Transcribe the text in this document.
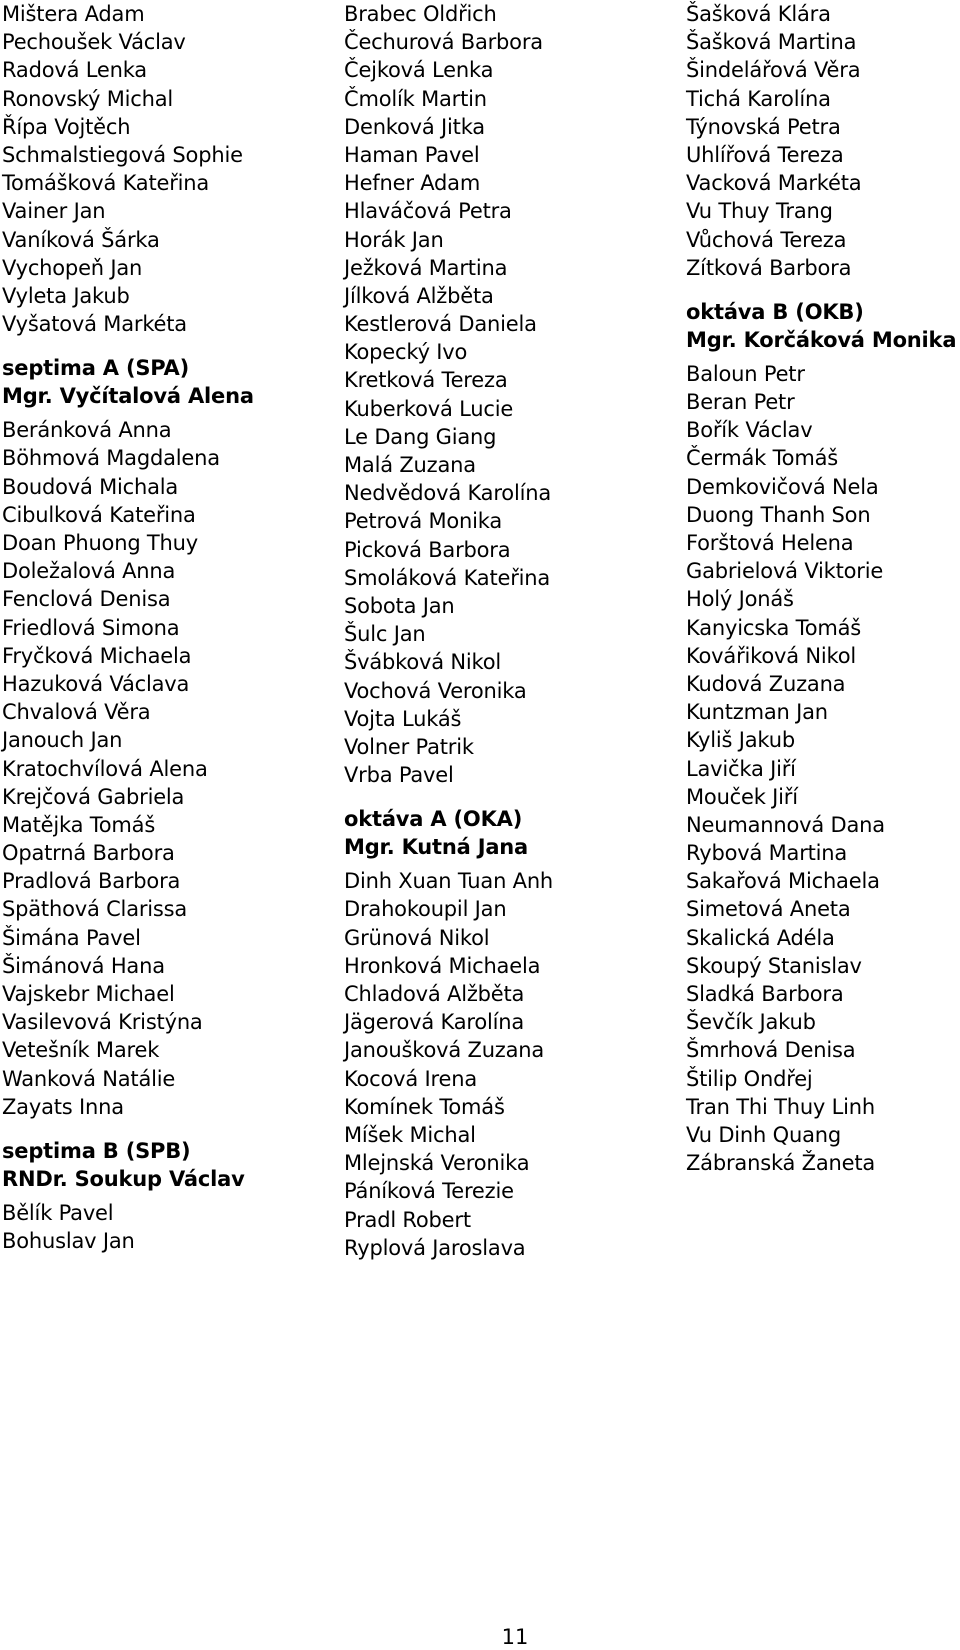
Mištera Adam
Pechoušek Václav
Radová Lenka
Ronovský Michal
Řípa Vojtěch
Schmalstiegová Sophie
Tomášková Kateřina
Vainer Jan
Vaníková Šárka
Vychopeň Jan
Vyleta Jakub
Vyšatová Markéta
septima A (SPA)
Mgr. Vyčítalová Alena
Beránková Anna
Böhmová Magdalena
Boudová Michala
Cibulková Kateřina
Doan Phuong Thuy
Doležalová Anna
Fenclová Denisa
Friedlová Simona
Fryčková Michaela
Hazuková Václava
Chvalová Věra
Janouch Jan
Kratochvílová Alena
Krejčová Gabriela
Matějka Tomáš
Opatrná Barbora
Pradlová Barbora
Späthová Clarissa
Šimána Pavel
Šimánová Hana
Vajskebr Michael
Vasilevová Kristýna
Vetešník Marek
Wanková Natálie
Zayats Inna
septima B (SPB)
RNDr. Soukup Václav
Bělík Pavel
Bohuslav Jan
Brabec Oldřich
Čechurová Barbora
Čejková Lenka
Čmolík Martin
Denková Jitka
Haman Pavel
Hefner Adam
Hlaváčová Petra
Horák Jan
Ježková Martina
Jílková Alžběta
Kestlerová Daniela
Kopecký Ivo
Kretková Tereza
Kuberková Lucie
Le Dang Giang
Malá Zuzana
Nedvědová Karolína
Petrová Monika
Picková Barbora
Smoláková Kateřina
Sobota Jan
Šulc Jan
Švábková Nikol
Vochová Veronika
Vojta Lukáš
Volner Patrik
Vrba Pavel
oktáva A (OKA)
Mgr. Kutná Jana
Dinh Xuan Tuan Anh
Drahokoupil Jan
Grünová Nikol
Hronková Michaela
Chladová Alžběta
Jägerová Karolína
Janoušková Zuzana
Kocová Irena
Komínek Tomáš
Míšek Michal
Mlejnská Veronika
Páníková Terezie
Pradl Robert
Ryplová Jaroslava
Šašková Klára
Šašková Martina
Šindelářová Věra
Tichá Karolína
Týnovská Petra
Uhlířová Tereza
Vacková Markéta
Vu Thuy Trang
Vůchová Tereza
Zítková Barbora
oktáva B (OKB)
Mgr. Korčáková Monika
Baloun Petr
Beran Petr
Bořík Václav
Čermák Tomáš
Demkovičová Nela
Duong Thanh Son
Forštová Helena
Gabrielová Viktorie
Holý Jonáš
Kanyicska Tomáš
Kovářiková Nikol
Kudová Zuzana
Kuntzman Jan
Kyliš Jakub
Lavička Jiří
Mouček Jiří
Neumannová Dana
Rybová Martina
Sakařová Michaela
Simetová Aneta
Skalická Adéla
Skoupý Stanislav
Sladká Barbora
Ševčík Jakub
Šmrhová Denisa
Štilip Ondřej
Tran Thi Thuy Linh
Vu Dinh Quang
Zábranská Žaneta
11
